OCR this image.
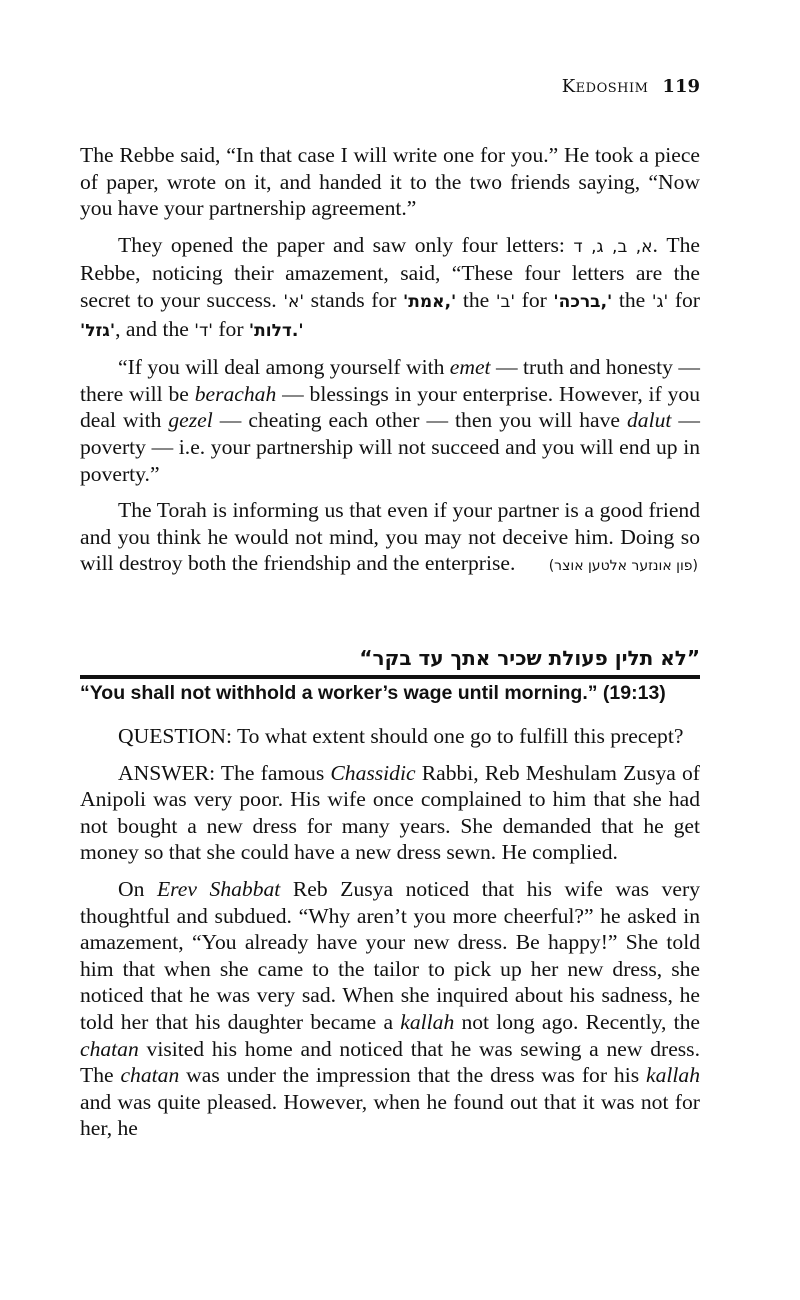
Kedoshim 119

The Rebbe said, “In that case I will write one for you.” He took a piece of paper, wrote on it, and handed it to the two friends saying, “Now you have your partnership agreement.”

They opened the paper and saw only four letters: א, ב, ג, ד. The Rebbe, noticing their amazement, said, “These four letters are the secret to your success. 'א' stands for 'אמת,' the 'ב' for 'ברכה,' the 'ג' for 'גזל', and the 'ד' for 'דלות.'

“If you will deal among yourself with emet — truth and honesty — there will be berachah — blessings in your enterprise. However, if you deal with gezel — cheating each other — then you will have dalut — poverty — i.e. your partnership will not succeed and you will end up in poverty.”

The Torah is informing us that even if your partner is a good friend and you think he would not mind, you may not deceive him. Doing so will destroy both the friendship and the enterprise.	(פון אונזער אלטען אוצר)
”לא תלין פעולת שכיר אתך עד בקר“
“You shall not withhold a worker’s wage until morning.” (19:13)

QUESTION: To what extent should one go to fulfill this precept?

ANSWER: The famous Chassidic Rabbi, Reb Meshulam Zusya of Anipoli was very poor. His wife once complained to him that she had not bought a new dress for many years. She demanded that he get money so that she could have a new dress sewn. He complied.

On Erev Shabbat Reb Zusya noticed that his wife was very thoughtful and subdued. “Why aren’t you more cheerful?” he asked in amazement, “You already have your new dress. Be happy!” She told him that when she came to the tailor to pick up her new dress, she noticed that he was very sad. When she inquired about his sadness, he told her that his daughter became a kallah not long ago. Recently, the chatan visited his home and noticed that he was sewing a new dress. The chatan was under the impression that the dress was for his kallah and was quite pleased. However, when he found out that it was not for her, he
